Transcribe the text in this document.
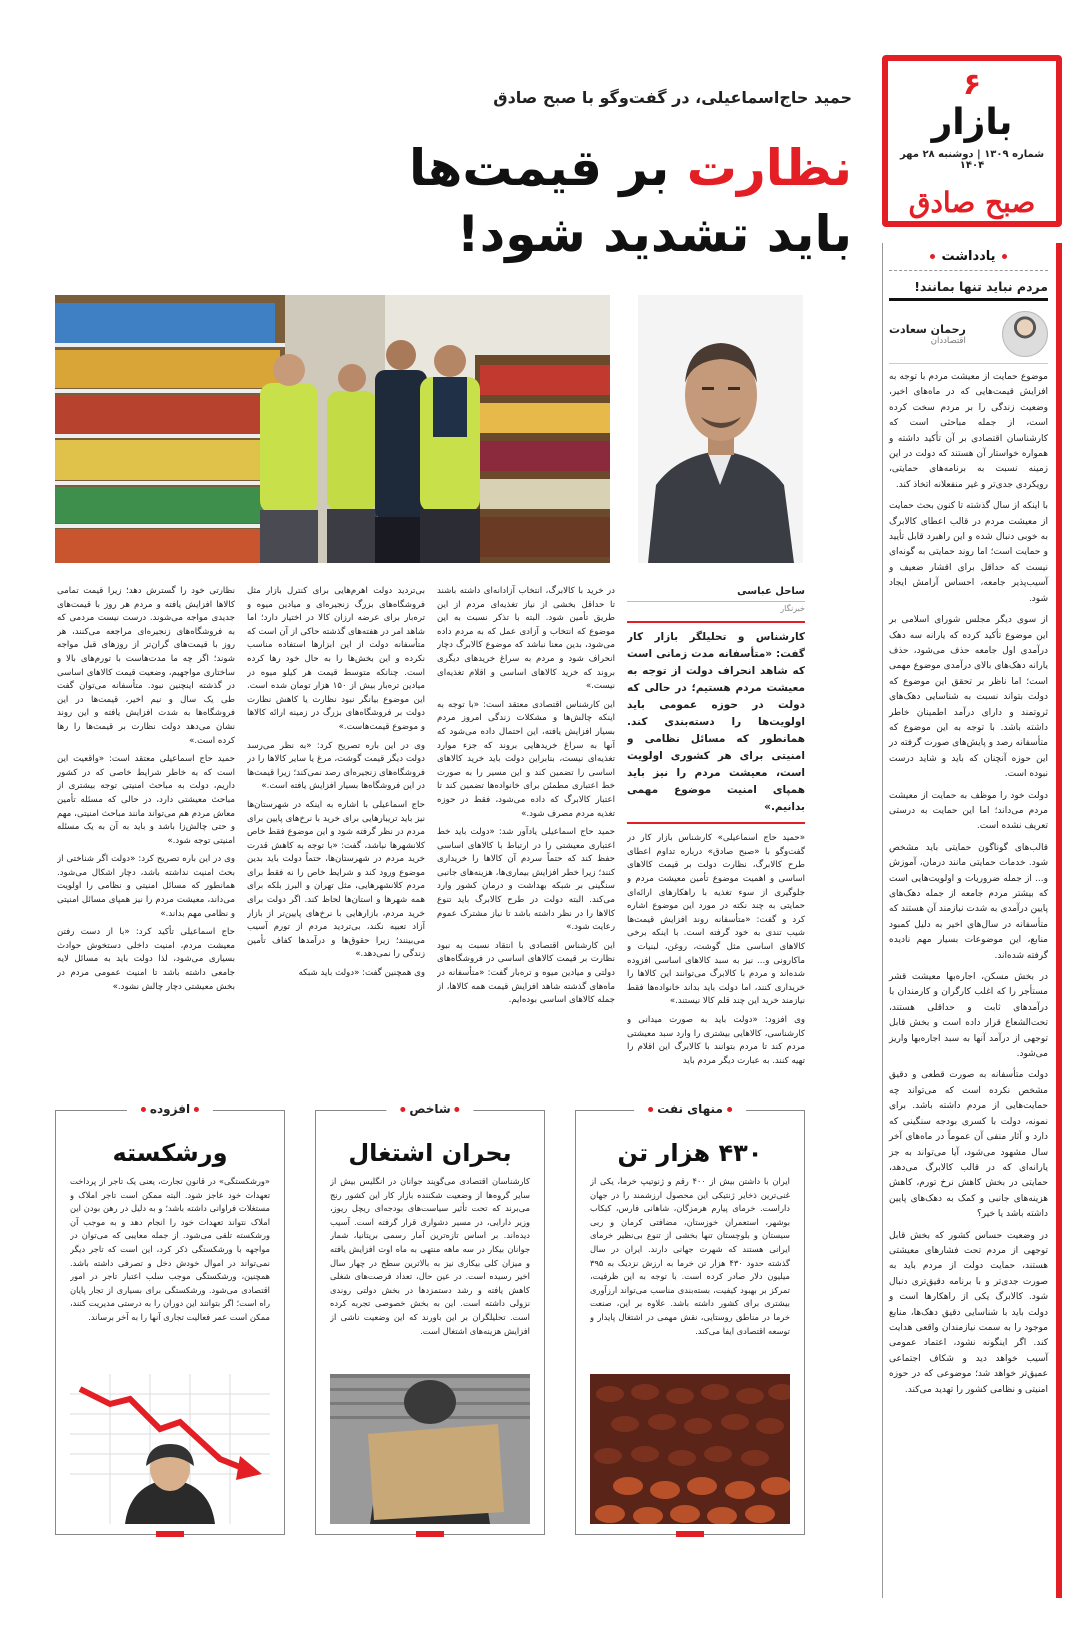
۶
بازار
شماره ۱۳۰۹ | دوشنبه ۲۸ مهر ۱۴۰۴
صبح صادق
یادداشت
مردم نباید تنها بمانند!
رحمان سعادت
اقتصاددان

موضوع حمایت از معیشت مردم با توجه به افزایش قیمت‌هایی که در ماه‌های اخیر، وضعیت زندگی را بر مردم سخت کرده است، از جمله مباحثی است که کارشناسان اقتصادی بر آن تأکید داشته و همواره خواستار آن هستند که دولت در این زمینه نسبت به برنامه‌های حمایتی، رویکردی جدی‌تر و غیر منفعلانه اتخاذ کند.

با اینکه از سال گذشته تا کنون بحث حمایت از معیشت مردم در قالب اعطای کالابرگ به خوبی دنبال شده و این راهبرد قابل تأیید و حمایت است؛ اما روند حمایتی به گونه‌ای نیست که حداقل برای اقشار ضعیف و آسیب‌پذیر جامعه، احساس آرامش ایجاد شود.

از سوی دیگر مجلس شورای اسلامی بر این موضوع تأکید کرده که یارانه سه دهک درآمدی اول جامعه حذف می‌شود، حذف یارانه دهک‌های بالای درآمدی موضوع مهمی است؛ اما ناظر بر تحقق این موضوع که دولت بتواند نسبت به شناسایی دهک‌های ثروتمند و دارای درآمد اطمینان خاطر داشته باشد. با توجه به این موضوع که متأسفانه رصد و پایش‌های صورت گرفته در این حوزه آنچنان که باید و شاید درست نبوده است.

دولت خود را موظف به حمایت از معیشت مردم می‌داند؛ اما این حمایت به درستی تعریف نشده است.

قالب‌های گوناگون حمایتی باید مشخص شود. خدمات حمایتی مانند درمان، آموزش و... از جمله ضروریات و اولویت‌هایی است که بیشتر مردم جامعه از جمله دهک‌های پایین درآمدی به شدت نیازمند آن هستند که متأسفانه در سال‌های اخیر به دلیل کمبود منابع، این موضوعات بسیار مهم نادیده گرفته شده‌اند.

در بخش مسکن، اجاره‌بها معیشت قشر مستأجر را که اغلب کارگران و کارمندان با درآمدهای ثابت و حداقلی هستند، تحت‌الشعاع قرار داده است و بخش قابل توجهی از درآمد آنها به سبد اجاره‌بها واریز می‌شود.

دولت متأسفانه به صورت قطعی و دقیق مشخص نکرده است که می‌تواند چه حمایت‌هایی از مردم داشته باشد. برای نمونه، دولت با کسری بودجه سنگینی که دارد و آثار منفی آن عموماً در ماه‌های آخر سال مشهود می‌شود، آیا می‌تواند به جز یارانه‌ای که در قالب کالابرگ می‌دهد، حمایتی در بخش کاهش نرخ تورم، کاهش هزینه‌های جانبی و کمک به دهک‌های پایین داشته باشد یا خیر؟

در وضعیت حساس کشور که بخش قابل توجهی از مردم تحت فشارهای معیشتی هستند، حمایت دولت از مردم باید به صورت جدی‌تر و با برنامه دقیق‌تری دنبال شود. کالابرگ یکی از راهکارها است و دولت باید با شناسایی دقیق دهک‌ها، منابع موجود را به سمت نیازمندان واقعی هدایت کند. اگر اینگونه نشود، اعتماد عمومی آسیب خواهد دید و شکاف اجتماعی عمیق‌تر خواهد شد؛ موضوعی که در حوزه امنیتی و نظامی کشور را تهدید می‌کند.

حمید حاج‌اسماعیلی، در گفت‌وگو با صبح صادق
نظارت بر قیمت‌ها
باید تشدید شود!
ساحل عباسی
خبرنگار
کارشناس و تحلیلگر بازار کار گفت: «متأسفانه مدت زمانی است که شاهد انحراف دولت از توجه به معیشت مردم هستیم؛ در حالی که دولت در حوزه عمومی باید اولویت‌ها را دسته‌بندی کند. همانطور که مسائل نظامی و امنیتی برای هر کشوری اولویت است، معیشت مردم را نیز باید همپای امنیت موضوع مهمی بدانیم.»

«حمید حاج اسماعیلی» کارشناس بازار کار در گفت‌وگو با «صبح صادق» درباره تداوم اعطای طرح کالابرگ، نظارت دولت بر قیمت کالاهای اساسی و اهمیت موضوع تأمین معیشت مردم و جلوگیری از سوء تغذیه با راهکارهای ارائه‌ای حمایتی به چند نکته در مورد این موضوع اشاره کرد و گفت: «متأسفانه روند افزایش قیمت‌ها شیب تندی به خود گرفته است. با اینکه برخی کالاهای اساسی مثل گوشت، روغن، لبنیات و ماکارونی و... نیز به سبد کالاهای اساسی افزوده شده‌اند و مردم با کالابرگ می‌توانند این کالاها را خریداری کنند، اما دولت باید بداند خانواده‌ها فقط نیازمند خرید این چند قلم کالا نیستند.»

وی افزود: «دولت باید به صورت میدانی و کارشناسی، کالاهایی بیشتری را وارد سبد معیشتی مردم کند تا مردم بتوانند با کالابرگ این اقلام را تهیه کنند. به عبارت دیگر مردم باید

در خرید با کالابرگ، انتخاب آزادانه‌ای داشته باشند تا حداقل بخشی از نیاز تغذیه‌ای مردم از این طریق تأمین شود. البته با تذکر نسبت به این موضوع که انتخاب و آزادی عمل که به مردم داده می‌شود، بدین معنا نباشد که موضوع کالابرگ دچار انحراف شود و مردم به سراغ خریدهای دیگری بروند که خرید کالاهای اساسی و اقلام تغذیه‌ای نیست.»

این کارشناس اقتصادی معتقد است: «با توجه به اینکه چالش‌ها و مشکلات زندگی امروز مردم بسیار افزایش یافته، این احتمال داده می‌شود که آنها به سراغ خریدهایی بروند که جزء موارد تغذیه‌ای نیست، بنابراین دولت باید خرید کالاهای اساسی را تضمین کند و این مسیر را به صورت خط اعتباری مطمئن برای خانواده‌ها تضمین کند تا اعتبار کالابرگ که داده می‌شود، فقط در حوزه تغذیه مردم مصرف شود.»

حمید حاج اسماعیلی یادآور شد: «دولت باید خط اعتباری معیشتی را در ارتباط با کالاهای اساسی حفظ کند که حتماً سردم آن کالاها را خریداری کنند؛ زیرا خطر افزایش بیماری‌ها، هزینه‌های جانبی سنگینی بر شبکه بهداشت و درمان کشور وارد می‌کند. البته دولت در طرح کالابرگ باید تنوع کالاها را در نظر داشته باشد تا نیاز مشترک عموم رعایت شود.»

این کارشناس اقتصادی با انتقاد نسبت به نبود نظارت بر قیمت کالاهای اساسی در فروشگاه‌های دولتی و میادین میوه و تره‌بار گفت: «متأسفانه در ماه‌های گذشته شاهد افزایش قیمت همه کالاها، از جمله کالاهای اساسی بوده‌ایم.

بی‌تردید دولت اهرم‌هایی برای کنترل بازار مثل فروشگاه‌های بزرگ زنجیره‌ای و میادین میوه و تره‌بار برای عرضه ارزان کالا در اختیار دارد؛ اما شاهد امر در هفته‌های گذشته حاکی از آن است که متأسفانه دولت از این ابزارها استفاده مناسب نکرده و این بخش‌ها را به حال خود رها کرده است. چنانکه متوسط قیمت هر کیلو میوه در میادین تره‌بار بیش از ۱۵۰ هزار تومان شده است. این موضوع بیانگر نبود نظارت یا کاهش نظارت دولت بر فروشگاه‌های بزرگ در زمینه ارائه کالاها و موضوع قیمت‌هاست.»

وی در این باره تصریح کرد: «به نظر می‌رسد دولت دیگر قیمت گوشت، مرغ یا سایر کالاها را در فروشگاه‌های زنجیره‌ای رصد نمی‌کند؛ زیرا قیمت‌ها در این فروشگاه‌ها بسیار افزایش یافته است.»

حاج اسماعیلی با اشاره به اینکه در شهرستان‌ها نیز باید تریبارهایی برای خرید با نرخ‌های پایین برای مردم در نظر گرفته شود و این موضوع فقط خاص کلانشهرها نباشد، گفت: «با توجه به کاهش قدرت خرید مردم در شهرستان‌ها، حتماً دولت باید بدین موضوع ورود کند و شرایط خاص را نه فقط برای مردم کلانشهرهایی، مثل تهران و البرز بلکه برای همه شهرها و استان‌ها لحاظ کند. اگر دولت برای خرید مردم، بازارهایی با نرخ‌های پایین‌تر از بازار آزاد تعبیه نکند، بی‌تردید مردم از تورم آسیب می‌بینند؛ زیرا حقوق‌ها و درآمدها کفاف تأمین زندگی را نمی‌دهد.»

وی همچنین گفت: «دولت باید شبکه

نظارتی خود را گسترش دهد؛ زیرا قیمت تمامی کالاها افزایش یافته و مردم هر روز با قیمت‌های جدیدی مواجه می‌شوند. درست نیست مردمی که به فروشگاه‌های زنجیره‌ای مراجعه می‌کنند، هر روز با قیمت‌های گران‌تر از روزهای قبل مواجه شوند؛ اگر چه ما مدت‌هاست با تورم‌های بالا و ساختاری مواجهیم، وضعیت قیمت کالاهای اساسی در گذشته اینچنین نبود. متأسفانه می‌توان گفت طی یک سال و نیم اخیر، قیمت‌ها در این فروشگاه‌ها به شدت افزایش یافته و این روند نشان می‌دهد دولت نظارت بر قیمت‌ها را رها کرده است.»

حمید حاج اسماعیلی معتقد است: «واقعیت این است که به خاطر شرایط خاصی که در کشور داریم، دولت به مباحث امنیتی توجه بیشتری از مباحث معیشتی دارد، در حالی که مسئله تأمین معاش مردم هم می‌تواند مانند مباحث امنیتی، مهم و حتی چالش‌زا باشد و باید به آن به یک مسئله امنیتی توجه شود.»

وی در این باره تصریح کرد: «دولت اگر شناختی از بحث امنیت نداشته باشد، دچار اشکال می‌شود. همانطور که مسائل امنیتی و نظامی را اولویت می‌داند، معیشت مردم را نیز همپای مسائل امنیتی و نظامی مهم بداند.»

حاج اسماعیلی تأکید کرد: «با از دست رفتن معیشت مردم، امنیت داخلی دستخوش حوادث بسیاری می‌شود، لذا دولت باید به مسائل لایه جامعی داشته باشد تا امنیت عمومی مردم در بخش معیشتی دچار چالش نشود.»

منهای نفت
۴۳۰ هزار تن
ایران با داشتن بیش از ۴۰۰ رقم و ژنوتیپ خرما، یکی از غنی‌ترین ذخایر ژنتیکی این محصول ارزشمند را در جهان داراست. خرمای پیارم هرمزگان، شاهانی فارس، کبکاب بوشهر، استعمران خوزستان، مضافتی کرمان و ربی سیستان و بلوچستان تنها بخشی از تنوع بی‌نظیر خرمای ایرانی هستند که شهرت جهانی دارند. ایران در سال گذشته حدود ۴۳۰ هزار تن خرما به ارزش نزدیک به ۳۹۵ میلیون دلار صادر کرده است. با توجه به این ظرفیت، تمرکز بر بهبود کیفیت، بسته‌بندی مناسب می‌تواند ارزآوری بیشتری برای کشور داشته باشد. علاوه بر این، صنعت خرما در مناطق روستایی، نقش مهمی در اشتغال پایدار و توسعه اقتصادی ایفا می‌کند.
شاخص
بحران اشتغال
کارشناسان اقتصادی می‌گویند جوانان در انگلیس بیش از سایر گروه‌ها از وضعیت شکننده بازار کار این کشور رنج می‌برند که تحت تأثیر سیاست‌های بودجه‌ای ریچل ریوز، وزیر دارایی، در مسیر دشواری قرار گرفته است. آسیب دیده‌اند. بر اساس تازه‌ترین آمار رسمی بریتانیا، شمار جوانان بیکار در سه ماهه منتهی به ماه اوت افزایش یافته و میزان کلی بیکاری نیز به بالاترین سطح در چهار سال اخیر رسیده است. در عین حال، تعداد فرصت‌های شغلی کاهش یافته و رشد دستمزدها در بخش دولتی روندی نزولی داشته است. این به بخش خصوصی تجربه کرده است. تحلیلگران بر این باورند که این وضعیت ناشی از افزایش هزینه‌های اشتغال است.
افزوده
ورشکسته
«ورشکستگی» در قانون تجارت، یعنی یک تاجر از پرداخت تعهدات خود عاجز شود. البته ممکن است تاجر املاک و مستغلات فراوانی داشته باشد؛ و به دلیل در رهن بودن این املاک نتواند تعهدات خود را انجام دهد و به موجب آن ورشکسته تلقی می‌شود. از جمله معایبی که می‌توان در مواجهه با ورشکستگی ذکر کرد، این است که تاجر دیگر نمی‌تواند در اموال خودش دخل و تصرفی داشته باشد. همچنین، ورشکستگی موجب سلب اعتبار تاجر در امور اقتصادی می‌شود. ورشکستگی برای بسیاری از تجار پایان راه است؛ اگر بتوانند این دوران را به درستی مدیریت کنند، ممکن است عمر فعالیت تجاری آنها را به آخر برساند.
